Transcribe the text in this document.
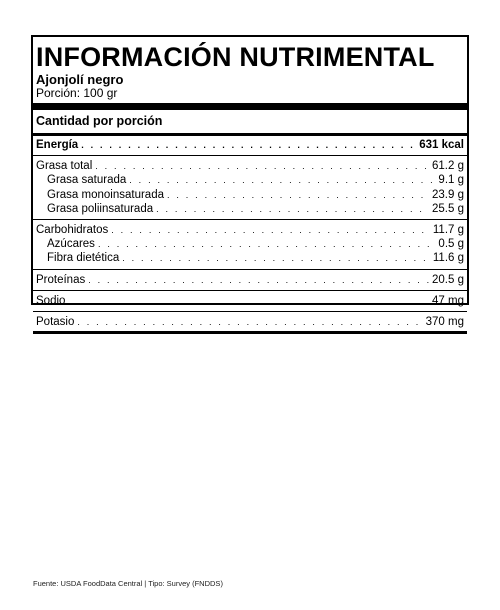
INFORMACIÓN NUTRIMENTAL
Ajonjolí negro
Porción: 100 gr
Cantidad por porción
Energía . . .	631 kcal
Grasa total . . .	61.2 g
Grasa saturada . . .	9.1 g
Grasa monoinsaturada . . .	23.9 g
Grasa poliinsaturada . . .	25.5 g
Carbohidratos . . .	11.7 g
Azúcares . . .	0.5 g
Fibra dietética . . .	11.6 g
Proteínas . . .	20.5 g
Sodio . . .	47 mg
Potasio . . .	370 mg
Fuente: USDA FoodData Central | Tipo: Survey (FNDDS)
